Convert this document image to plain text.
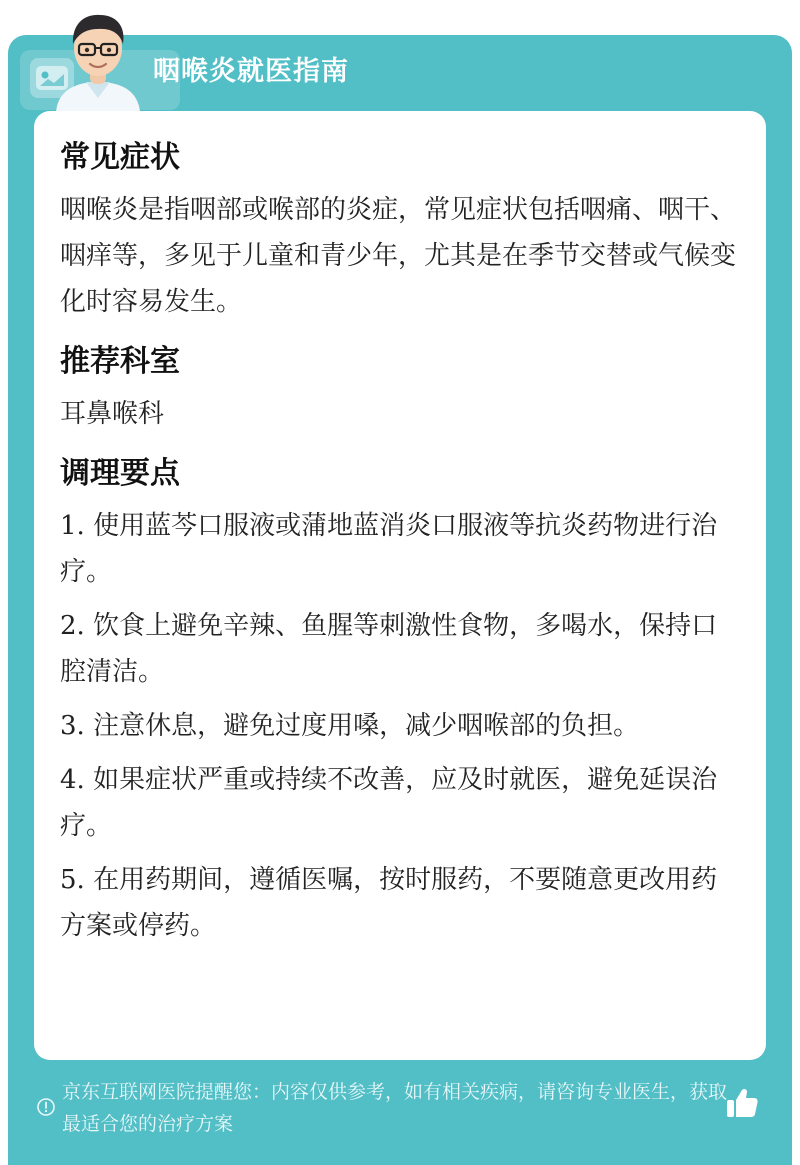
咽喉炎就医指南
常见症状
咽喉炎是指咽部或喉部的炎症，常见症状包括咽痛、咽干、咽痒等，多见于儿童和青少年，尤其是在季节交替或气候变化时容易发生。
推荐科室
耳鼻喉科
调理要点
1. 使用蓝芩口服液或蒲地蓝消炎口服液等抗炎药物进行治疗。
2. 饮食上避免辛辣、鱼腥等刺激性食物，多喝水，保持口腔清洁。
3. 注意休息，避免过度用嗓，减少咽喉部的负担。
4. 如果症状严重或持续不改善，应及时就医，避免延误治疗。
5. 在用药期间，遵循医嘱，按时服药，不要随意更改用药方案或停药。
京东互联网医院提醒您：内容仅供参考，如有相关疾病，请咨询专业医生，获取最适合您的治疗方案
